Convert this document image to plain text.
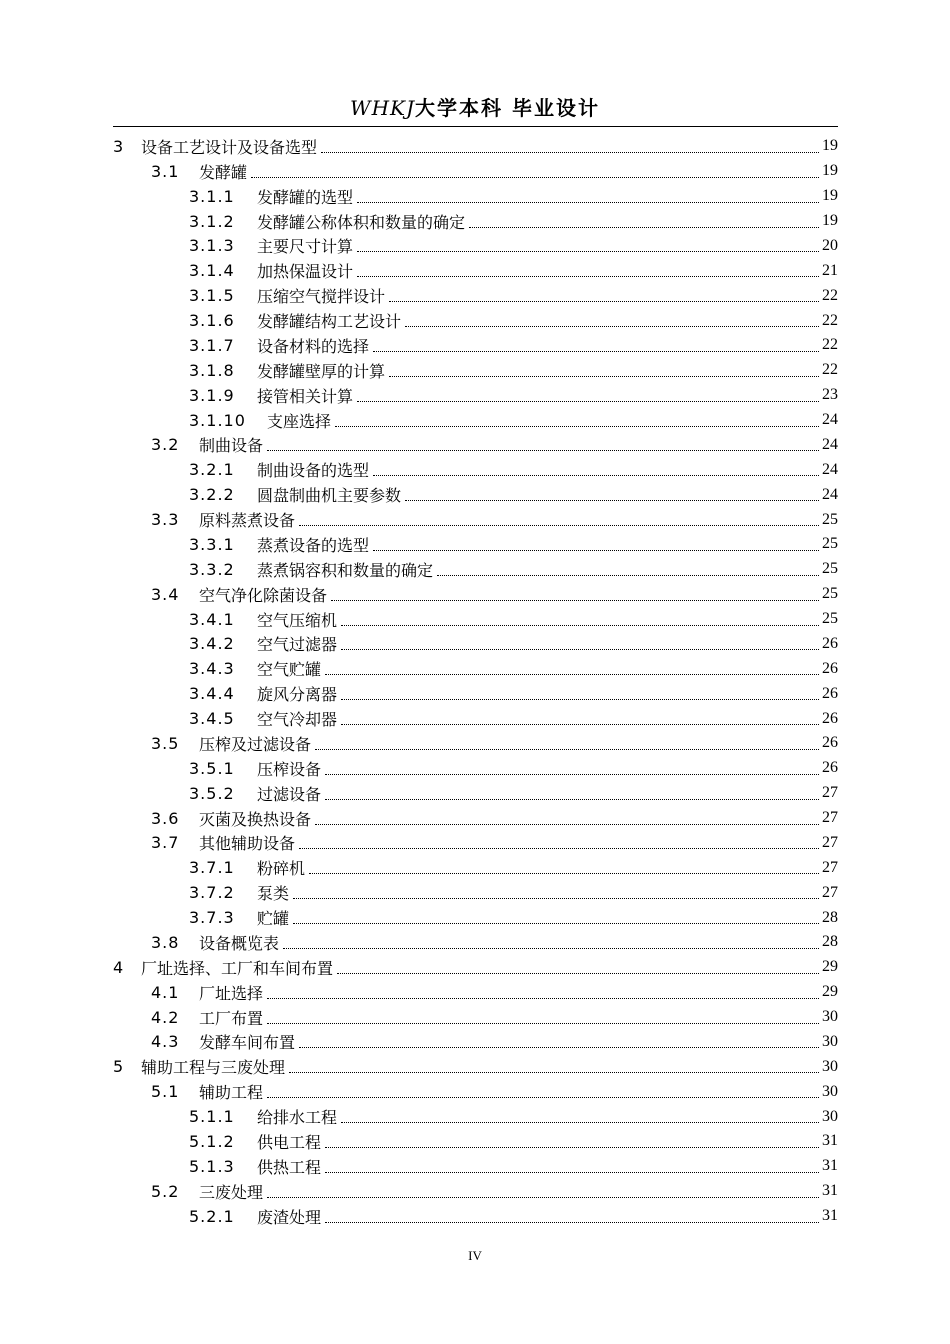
WHKJ大学本科 毕业设计
3	设备工艺设计及设备选型	19
3.1	发酵罐	19
3.1.1	发酵罐的选型	19
3.1.2	发酵罐公称体积和数量的确定	19
3.1.3	主要尺寸计算	20
3.1.4	加热保温设计	21
3.1.5	压缩空气搅拌设计	22
3.1.6	发酵罐结构工艺设计	22
3.1.7	设备材料的选择	22
3.1.8	发酵罐壁厚的计算	22
3.1.9	接管相关计算	23
3.1.10	支座选择	24
3.2	制曲设备	24
3.2.1	制曲设备的选型	24
3.2.2	圆盘制曲机主要参数	24
3.3	原料蒸煮设备	25
3.3.1	蒸煮设备的选型	25
3.3.2	蒸煮锅容积和数量的确定	25
3.4	空气净化除菌设备	25
3.4.1	空气压缩机	25
3.4.2	空气过滤器	26
3.4.3	空气贮罐	26
3.4.4	旋风分离器	26
3.4.5	空气冷却器	26
3.5	压榨及过滤设备	26
3.5.1	压榨设备	26
3.5.2	过滤设备	27
3.6	灭菌及换热设备	27
3.7	其他辅助设备	27
3.7.1	粉碎机	27
3.7.2	泵类	27
3.7.3	贮罐	28
3.8	设备概览表	28
4	厂址选择、工厂和车间布置	29
4.1	厂址选择	29
4.2	工厂布置	30
4.3	发酵车间布置	30
5	辅助工程与三废处理	30
5.1	辅助工程	30
5.1.1	给排水工程	30
5.1.2	供电工程	31
5.1.3	供热工程	31
5.2	三废处理	31
5.2.1	废渣处理	31
IV
